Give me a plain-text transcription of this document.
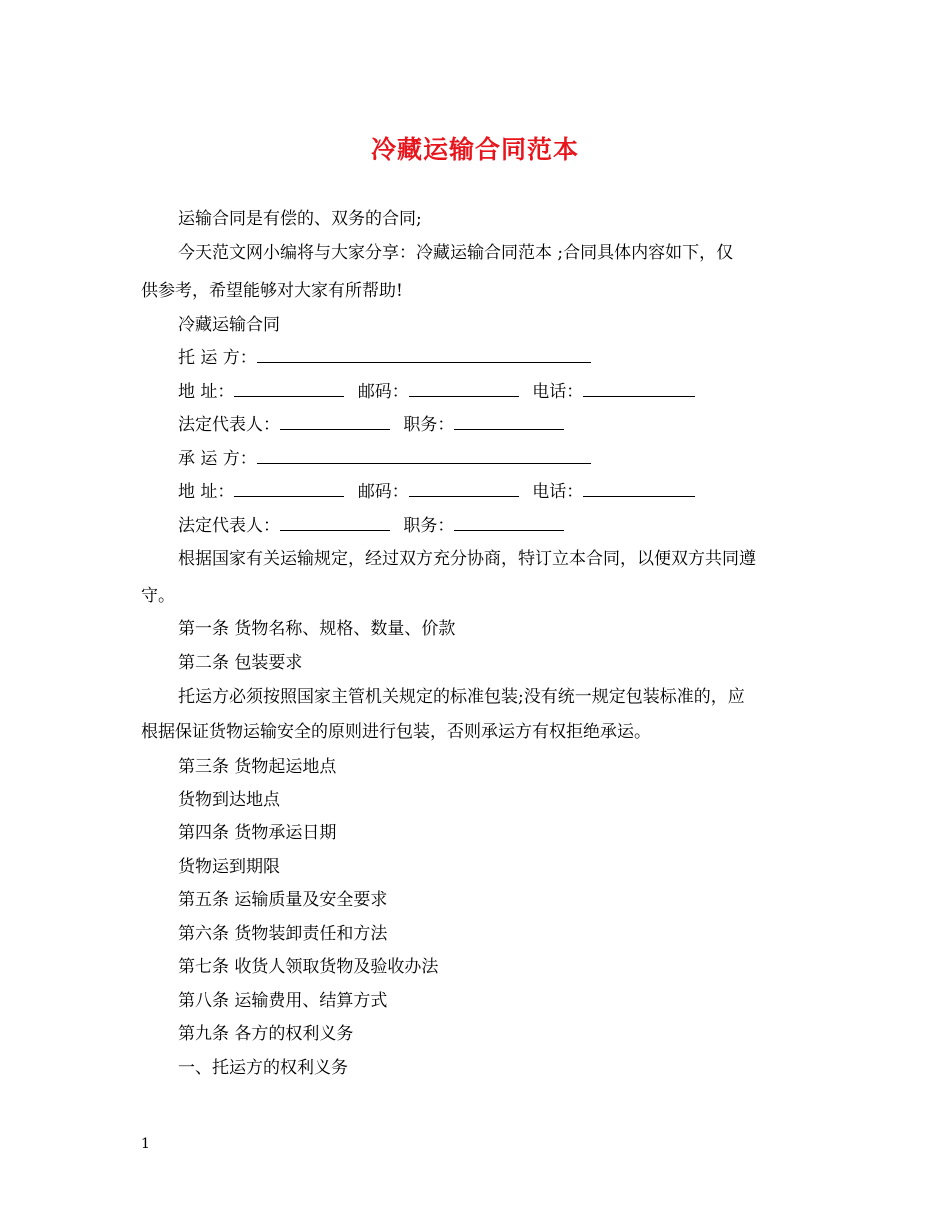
冷藏运输合同范本
运输合同是有偿的、双务的合同;
今天范文网小编将与大家分享：冷藏运输合同范本 ;合同具体内容如下，仅
供参考，希望能够对大家有所帮助!
冷藏运输合同
托 运 方：
地 址：	邮码：	电话：
法定代表人：	职务：
承 运 方：
地 址：	邮码：	电话：
法定代表人：	职务：
根据国家有关运输规定，经过双方充分协商，特订立本合同，以便双方共同遵
守。
第一条 货物名称、规格、数量、价款
第二条 包装要求
托运方必须按照国家主管机关规定的标准包装;没有统一规定包装标准的，应
根据保证货物运输安全的原则进行包装，否则承运方有权拒绝承运。
第三条 货物起运地点
货物到达地点
第四条 货物承运日期
货物运到期限
第五条 运输质量及安全要求
第六条 货物装卸责任和方法
第七条 收货人领取货物及验收办法
第八条 运输费用、结算方式
第九条 各方的权利义务
一、托运方的权利义务
1
